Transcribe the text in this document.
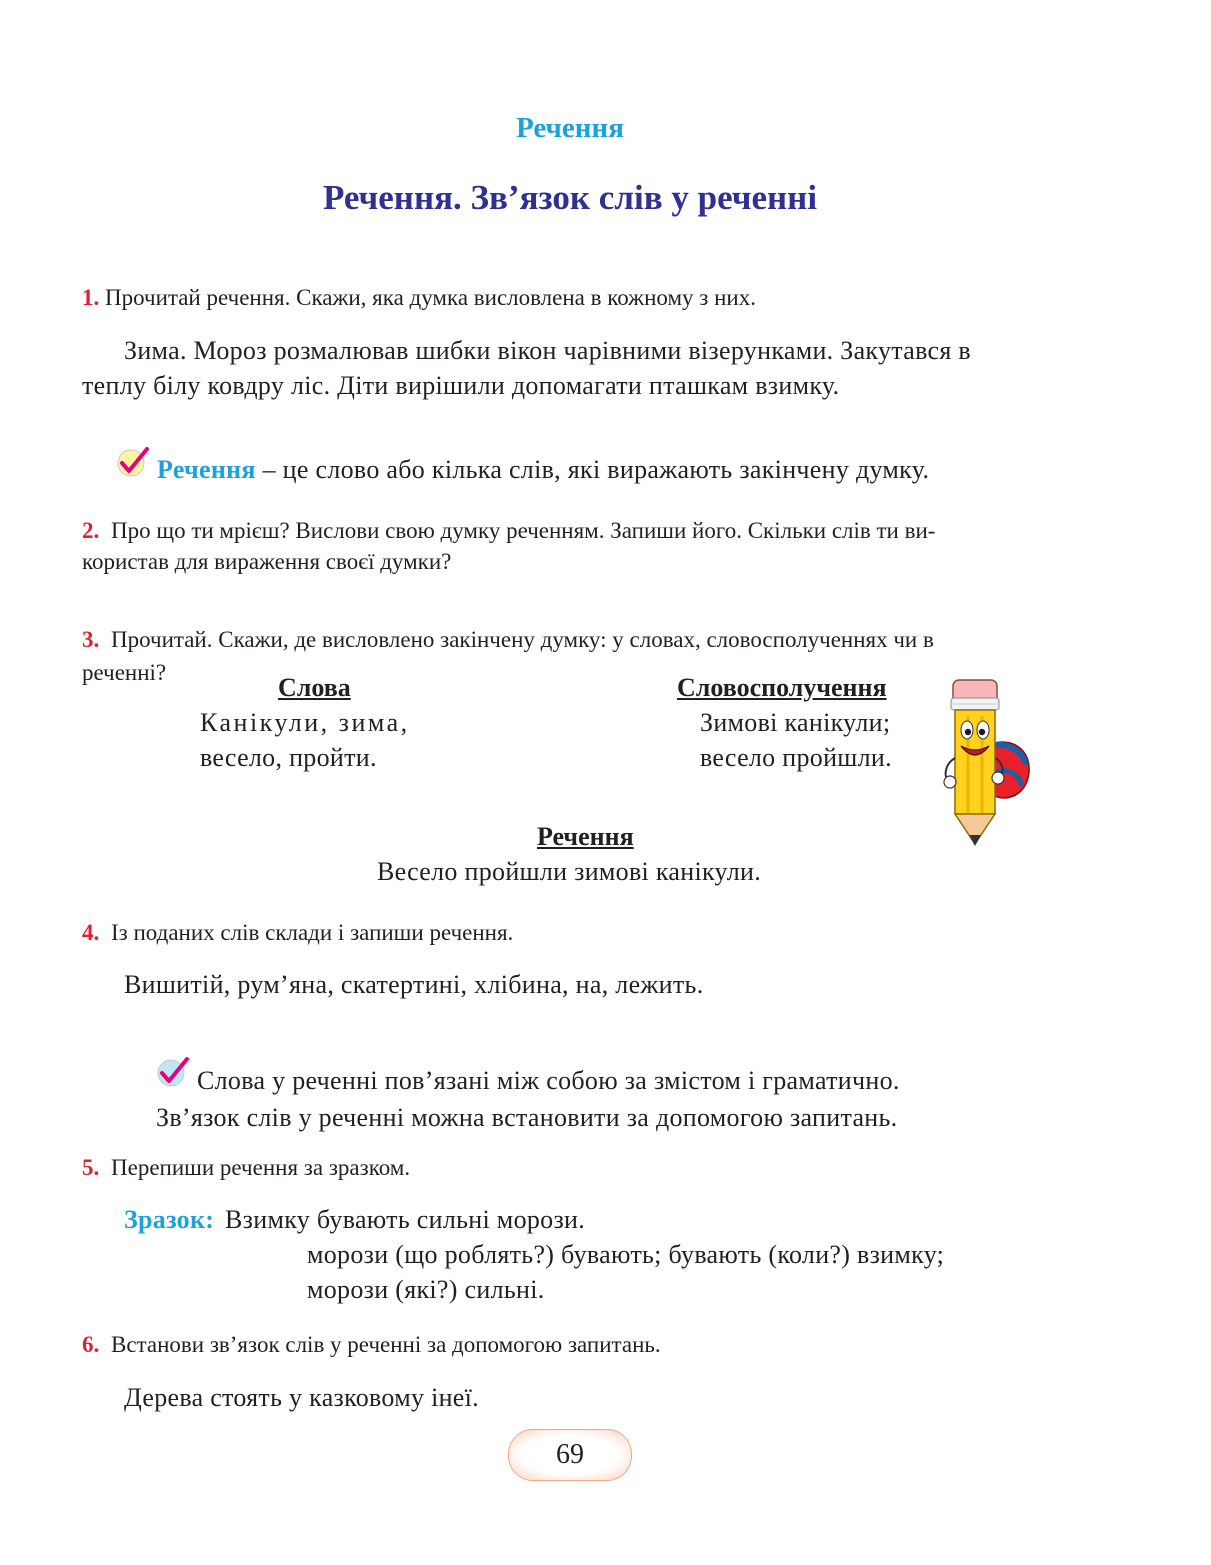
Речення
Речення. Зв’язок слів у реченні
1. Прочитай речення. Скажи, яка думка висловлена в кожному з них.
Зима. Мороз розмалював шибки вікон чарівними візерунками. Закутався в
теплу білу ковдру ліс. Діти вирішили допомагати пташкам взимку.
Речення – це слово або кілька слів, які виражають закінчену думку.
2. Про що ти мрієш? Вислови свою думку реченням. Запиши його. Скільки слів ти ви-
користав для вираження своєї думки?
3. Прочитай. Скажи, де висловлено закінчену думку: у словах, словосполученнях чи в
реченні?
Слова
Канікули, зима,
весело, пройти.
Словосполучення
Зимові канікули;
весело пройшли.
Речення
Весело пройшли зимові канікули.
4. Із поданих слів склади і запиши речення.
Вишитій, рум’яна, скатертині, хлібина, на, лежить.
Слова у реченні пов’язані між собою за змістом і граматично.
Зв’язок слів у реченні можна встановити за допомогою запитань.
5. Перепиши речення за зразком.
Зразок: Взимку бувають сильні морози.
морози (що роблять?) бувають; бувають (коли?) взимку;
морози (які?) сильні.
6. Встанови зв’язок слів у реченні за допомогою запитань.
Дерева стоять у казковому інеї.
69
